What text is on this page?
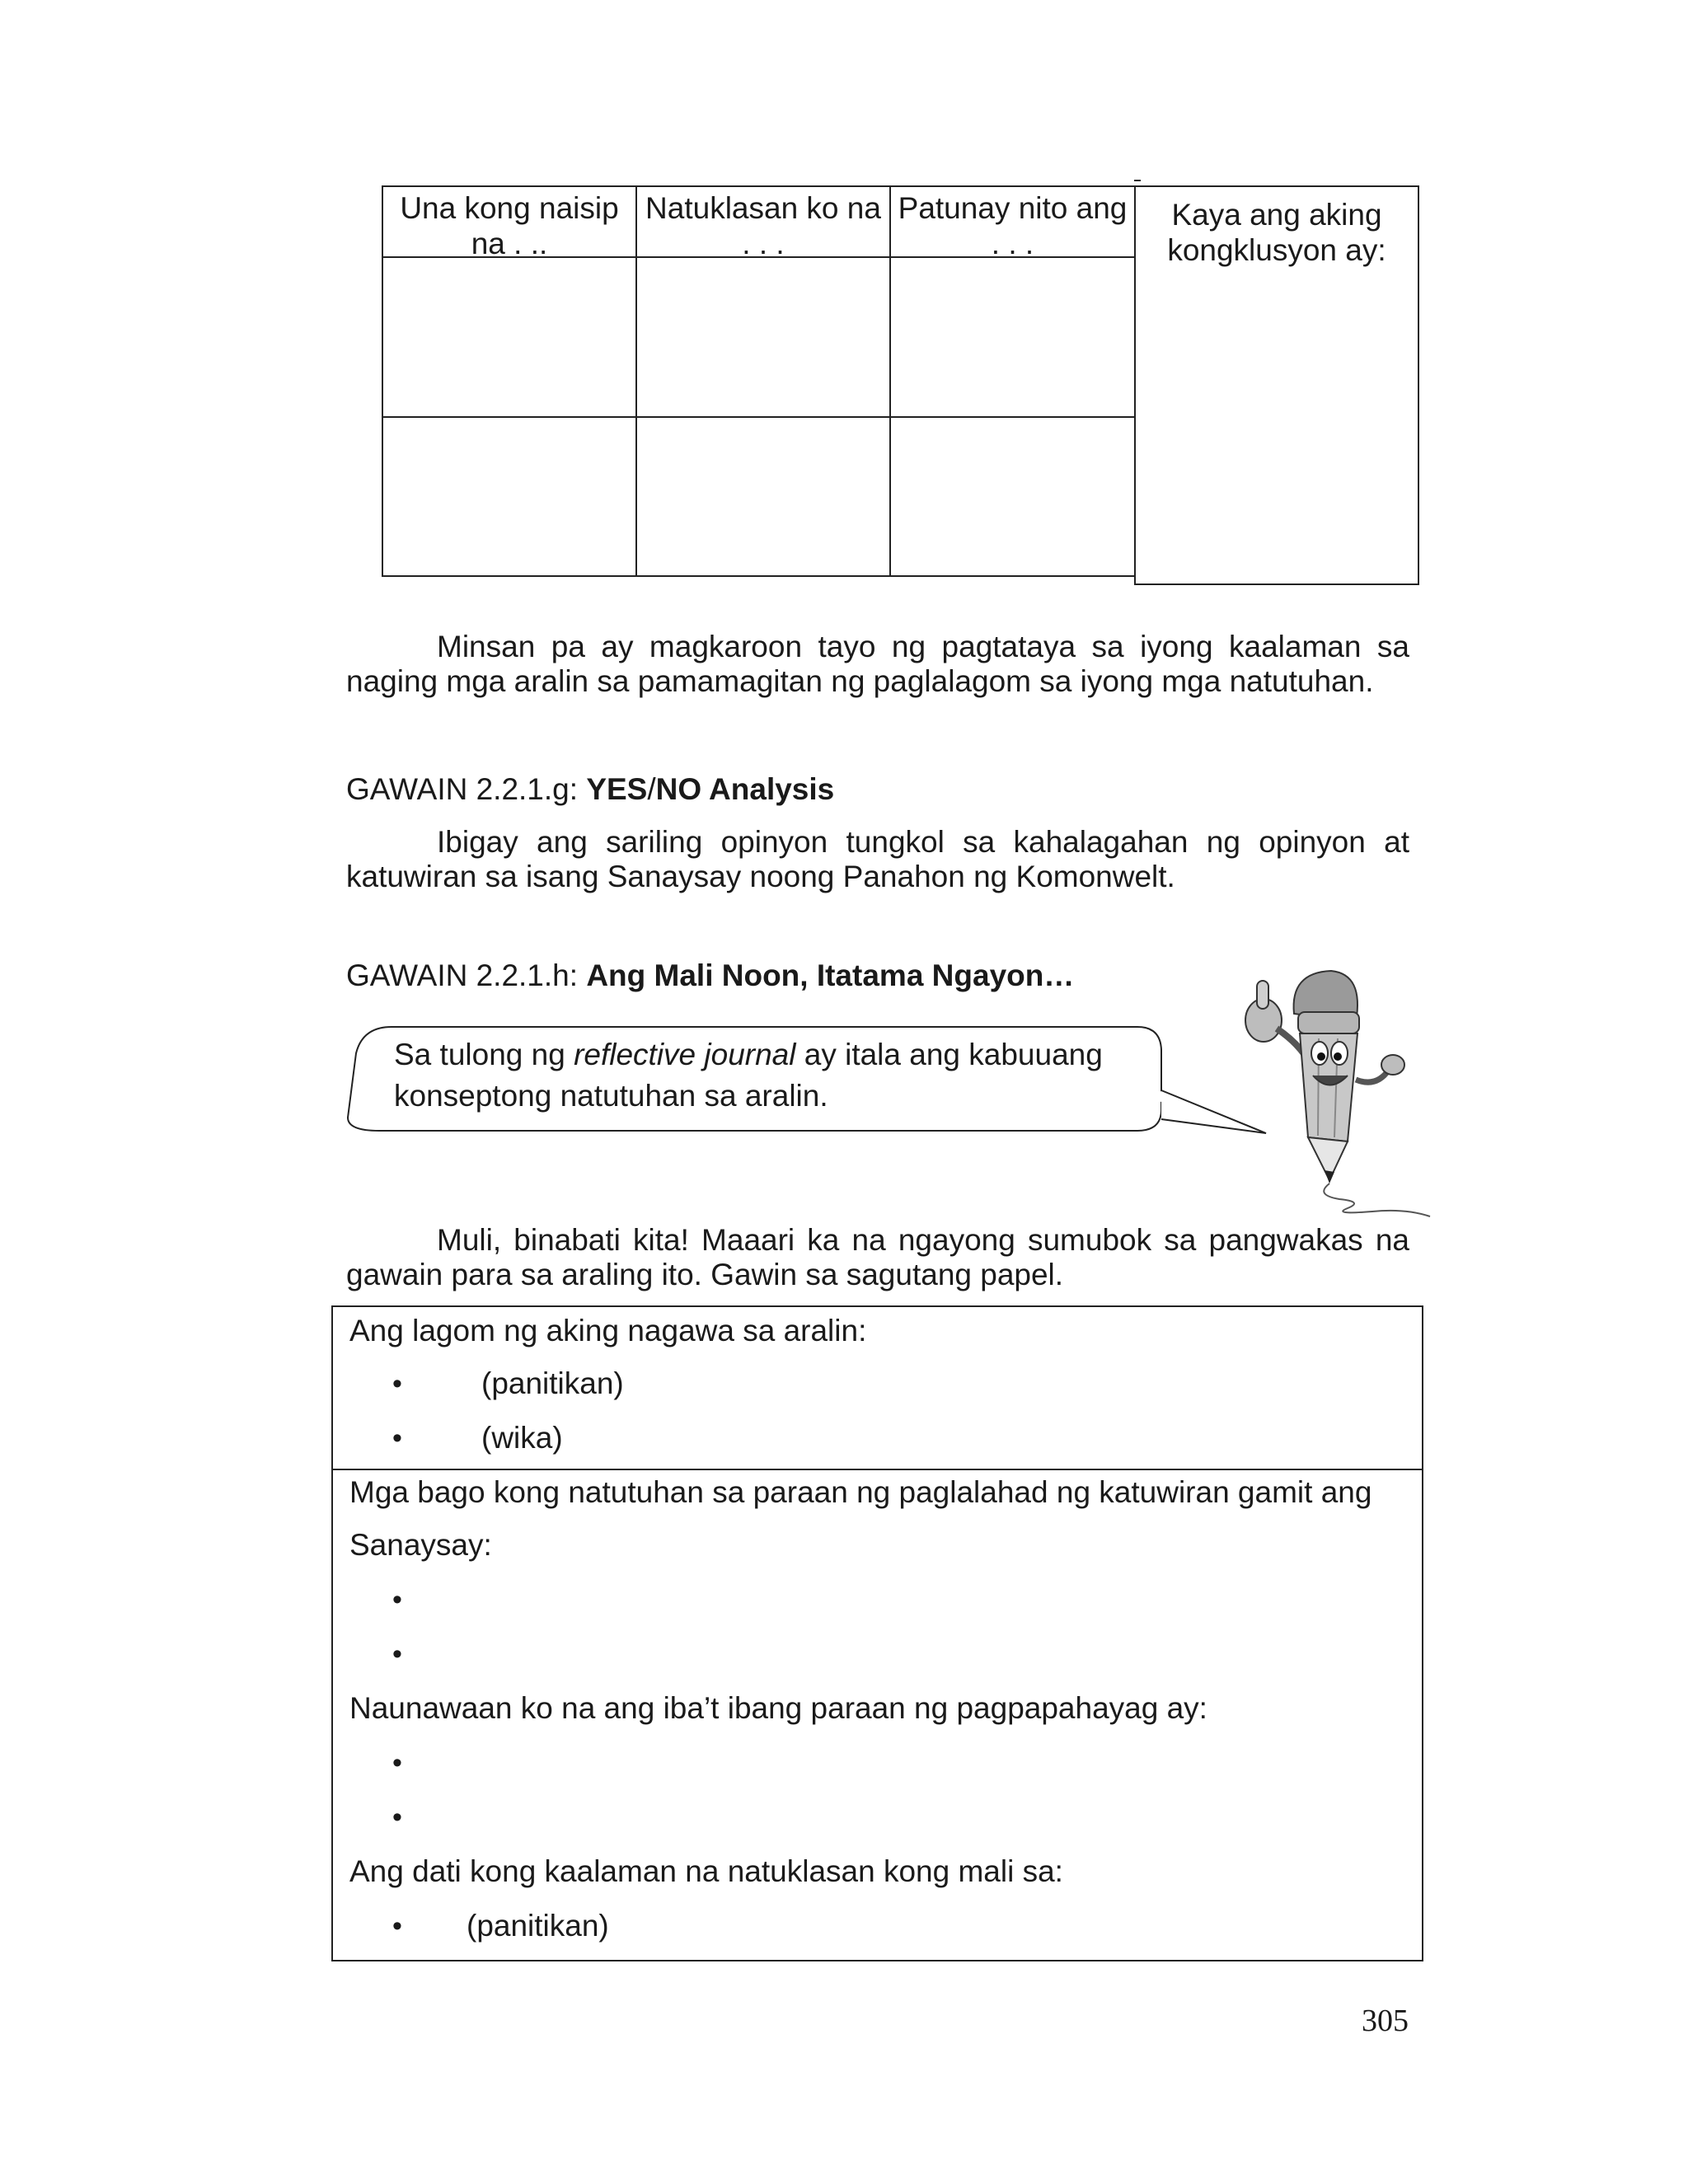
Una kong naisip na . ..
Natuklasan ko na . . .
Patunay nito ang . . .
Kaya ang aking kongklusyon ay:
Minsan pa ay magkaroon tayo ng pagtataya sa iyong kaalaman sa naging mga aralin sa pamamagitan ng paglalagom sa iyong mga natutuhan.
GAWAIN 2.2.1.g: YES/NO Analysis
Ibigay ang sariling opinyon tungkol sa kahalagahan ng opinyon at katuwiran sa isang Sanaysay noong Panahon ng Komonwelt.
GAWAIN 2.2.1.h: Ang Mali Noon, Itatama Ngayon…
Sa tulong ng reflective journal ay itala ang kabuuang
konseptong natutuhan sa aralin.
Muli, binabati kita! Maaari ka na ngayong sumubok sa pangwakas na gawain para sa araling ito. Gawin sa sagutang papel.
Ang lagom ng aking nagawa sa aralin:
•	(panitikan)
•	(wika)
Mga bago kong natutuhan sa paraan ng paglalahad ng katuwiran gamit ang
Sanaysay:
•
•
Naunawaan ko na ang iba’t ibang paraan ng pagpapahayag ay:
•
•
Ang dati kong kaalaman na natuklasan kong mali sa:
• (panitikan)
305
